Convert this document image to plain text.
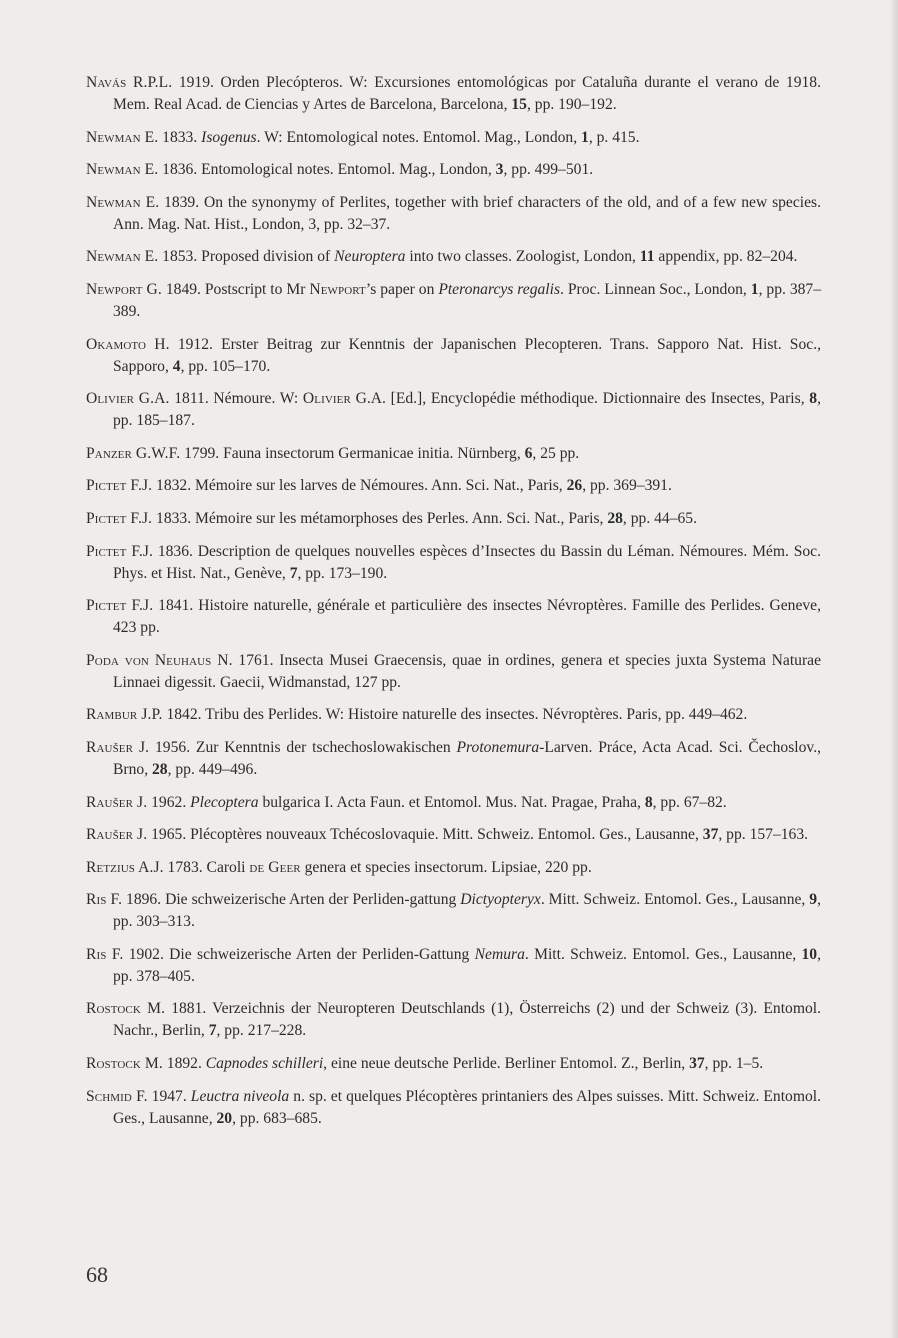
Navás R.P.L. 1919. Orden Plecópteros. W: Excursiones entomológicas por Cataluña durante el verano de 1918. Mem. Real Acad. de Ciencias y Artes de Barcelona, Barcelona, 15, pp. 190–192.

Newman E. 1833. Isogenus. W: Entomological notes. Entomol. Mag., London, 1, p. 415.

Newman E. 1836. Entomological notes. Entomol. Mag., London, 3, pp. 499–501.

Newman E. 1839. On the synonymy of Perlites, together with brief characters of the old, and of a few new species. Ann. Mag. Nat. Hist., London, 3, pp. 32–37.

Newman E. 1853. Proposed division of Neuroptera into two classes. Zoologist, London, 11 appendix, pp. 82–204.

Newport G. 1849. Postscript to Mr Newport’s paper on Pteronarcys regalis. Proc. Linnean Soc., London, 1, pp. 387–389.

Okamoto H. 1912. Erster Beitrag zur Kenntnis der Japanischen Plecopteren. Trans. Sapporo Nat. Hist. Soc., Sapporo, 4, pp. 105–170.

Olivier G.A. 1811. Némoure. W: Olivier G.A. [Ed.], Encyclopédie méthodique. Dictionnaire des Insectes, Paris, 8, pp. 185–187.

Panzer G.W.F. 1799. Fauna insectorum Germanicae initia. Nürnberg, 6, 25 pp.

Pictet F.J. 1832. Mémoire sur les larves de Némoures. Ann. Sci. Nat., Paris, 26, pp. 369–391.

Pictet F.J. 1833. Mémoire sur les métamorphoses des Perles. Ann. Sci. Nat., Paris, 28, pp. 44–65.

Pictet F.J. 1836. Description de quelques nouvelles espèces d’Insectes du Bassin du Léman. Némoures. Mém. Soc. Phys. et Hist. Nat., Genève, 7, pp. 173–190.

Pictet F.J. 1841. Histoire naturelle, générale et particulière des insectes Névroptères. Famille des Perlides. Geneve, 423 pp.

Poda von Neuhaus N. 1761. Insecta Musei Graecensis, quae in ordines, genera et species juxta Systema Naturae Linnaei digessit. Gaecii, Widmanstad, 127 pp.

Rambur J.P. 1842. Tribu des Perlides. W: Histoire naturelle des insectes. Névroptères. Paris, pp. 449–462.

Raušer J. 1956. Zur Kenntnis der tschechoslowakischen Protonemura-Larven. Práce, Acta Acad. Sci. Čechoslov., Brno, 28, pp. 449–496.

Raušer J. 1962. Plecoptera bulgarica I. Acta Faun. et Entomol. Mus. Nat. Pragae, Praha, 8, pp. 67–82.

Raušer J. 1965. Plécoptères nouveaux Tchécoslovaquie. Mitt. Schweiz. Entomol. Ges., Lausanne, 37, pp. 157–163.

Retzius A.J. 1783. Caroli de Geer genera et species insectorum. Lipsiae, 220 pp.

Ris F. 1896. Die schweizerische Arten der Perliden-gattung Dictyopteryx. Mitt. Schweiz. Entomol. Ges., Lausanne, 9, pp. 303–313.

Ris F. 1902. Die schweizerische Arten der Perliden-Gattung Nemura. Mitt. Schweiz. Entomol. Ges., Lausanne, 10, pp. 378–405.

Rostock M. 1881. Verzeichnis der Neuropteren Deutschlands (1), Österreichs (2) und der Schweiz (3). Entomol. Nachr., Berlin, 7, pp. 217–228.

Rostock M. 1892. Capnodes schilleri, eine neue deutsche Perlide. Berliner Entomol. Z., Berlin, 37, pp. 1–5.

Schmid F. 1947. Leuctra niveola n. sp. et quelques Plécoptères printaniers des Alpes suisses. Mitt. Schweiz. Entomol. Ges., Lausanne, 20, pp. 683–685.

68
